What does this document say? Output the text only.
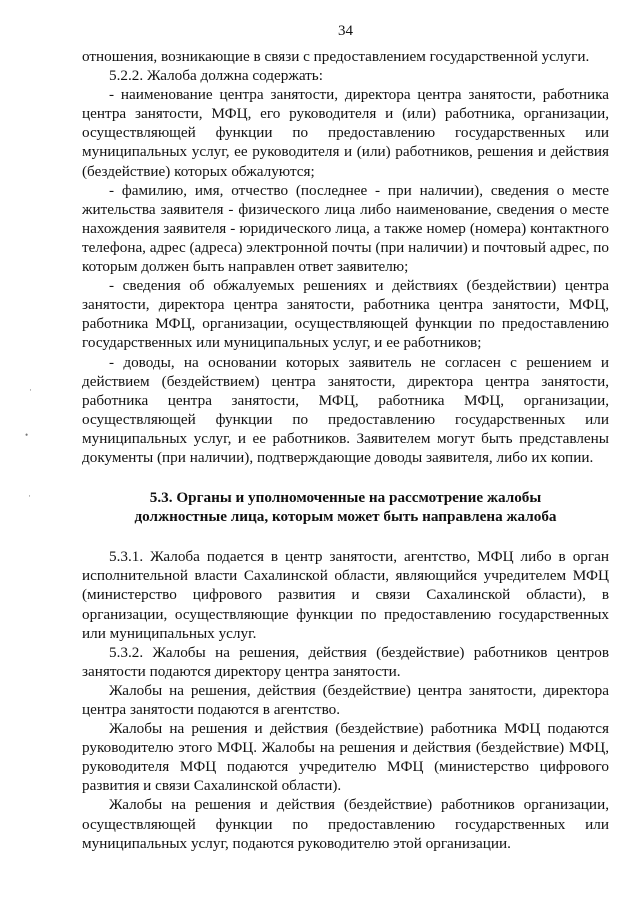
·
•
·
34

отношения, возникающие в связи с предоставлением государственной услуги.

5.2.2. Жалоба должна содержать:

- наименование центра занятости, директора центра занятости, работника центра занятости, МФЦ, его руководителя и (или) работника, организации, осуществляющей функции по предоставлению государственных или муниципальных услуг, ее руководителя и (или) работников, решения и действия (бездействие) которых обжалуются;

- фамилию, имя, отчество (последнее - при наличии), сведения о месте жительства заявителя - физического лица либо наименование, сведения о месте нахождения заявителя - юридического лица, а также номер (номера) контактного телефона, адрес (адреса) электронной почты (при наличии) и почтовый адрес, по которым должен быть направлен ответ заявителю;

- сведения об обжалуемых решениях и действиях (бездействии) центра занятости, директора центра занятости, работника центра занятости, МФЦ, работника МФЦ, организации, осуществляющей функции по предоставлению государственных или муниципальных услуг, и ее работников;

- доводы, на основании которых заявитель не согласен с решением и действием (бездействием) центра занятости, директора центра занятости, работника центра занятости, МФЦ, работника МФЦ, организации, осуществляющей функции по предоставлению государственных или муниципальных услуг, и ее работников. Заявителем могут быть представлены документы (при наличии), подтверждающие доводы заявителя, либо их копии.

5.3. Органы и уполномоченные на рассмотрение жалобы
должностные лица, которым может быть направлена жалоба

5.3.1. Жалоба подается в центр занятости, агентство, МФЦ либо в орган исполнительной власти Сахалинской области, являющийся учредителем МФЦ (министерство цифрового развития и связи Сахалинской области), в организации, осуществляющие функции по предоставлению государственных или муниципальных услуг.

5.3.2. Жалобы на решения, действия (бездействие) работников центров занятости подаются директору центра занятости.

Жалобы на решения, действия (бездействие) центра занятости, директора центра занятости подаются в агентство.

Жалобы на решения и действия (бездействие) работника МФЦ подаются руководителю этого МФЦ. Жалобы на решения и действия (бездействие) МФЦ, руководителя МФЦ подаются учредителю МФЦ (министерство цифрового развития и связи Сахалинской области).

Жалобы на решения и действия (бездействие) работников организации, осуществляющей функции по предоставлению государственных или муниципальных услуг, подаются руководителю этой организации.
